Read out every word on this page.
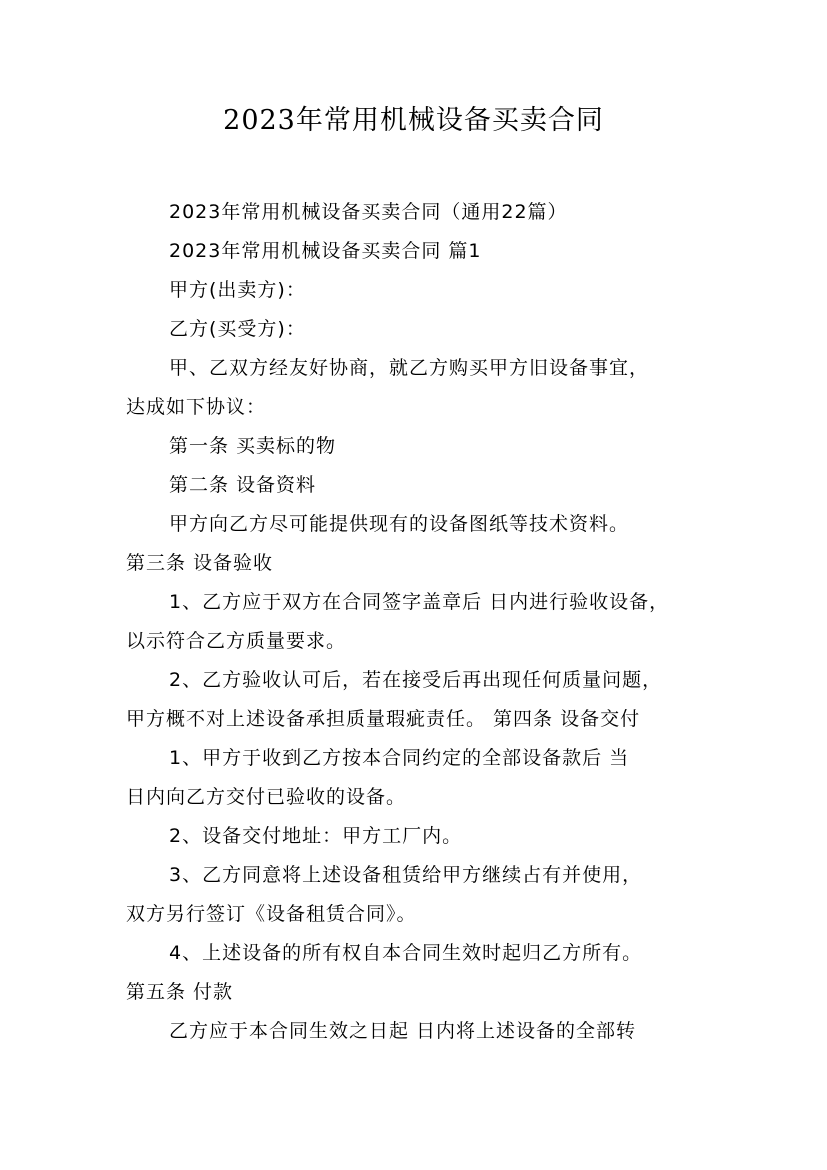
2023年常用机械设备买卖合同
2023年常用机械设备买卖合同（通用22篇）
2023年常用机械设备买卖合同 篇1
甲方(出卖方)：
乙方(买受方)：
甲、乙双方经友好协商，就乙方购买甲方旧设备事宜，
达成如下协议：
第一条 买卖标的物
第二条 设备资料
甲方向乙方尽可能提供现有的设备图纸等技术资料。
第三条 设备验收
1、乙方应于双方在合同签字盖章后 日内进行验收设备，
以示符合乙方质量要求。
2、乙方验收认可后，若在接受后再出现任何质量问题，
甲方概不对上述设备承担质量瑕疵责任。 第四条 设备交付
1、甲方于收到乙方按本合同约定的全部设备款后 当
日内向乙方交付已验收的设备。
2、设备交付地址：甲方工厂内。
3、乙方同意将上述设备租赁给甲方继续占有并使用，
双方另行签订《设备租赁合同》。
4、上述设备的所有权自本合同生效时起归乙方所有。
第五条 付款
乙方应于本合同生效之日起 日内将上述设备的全部转
